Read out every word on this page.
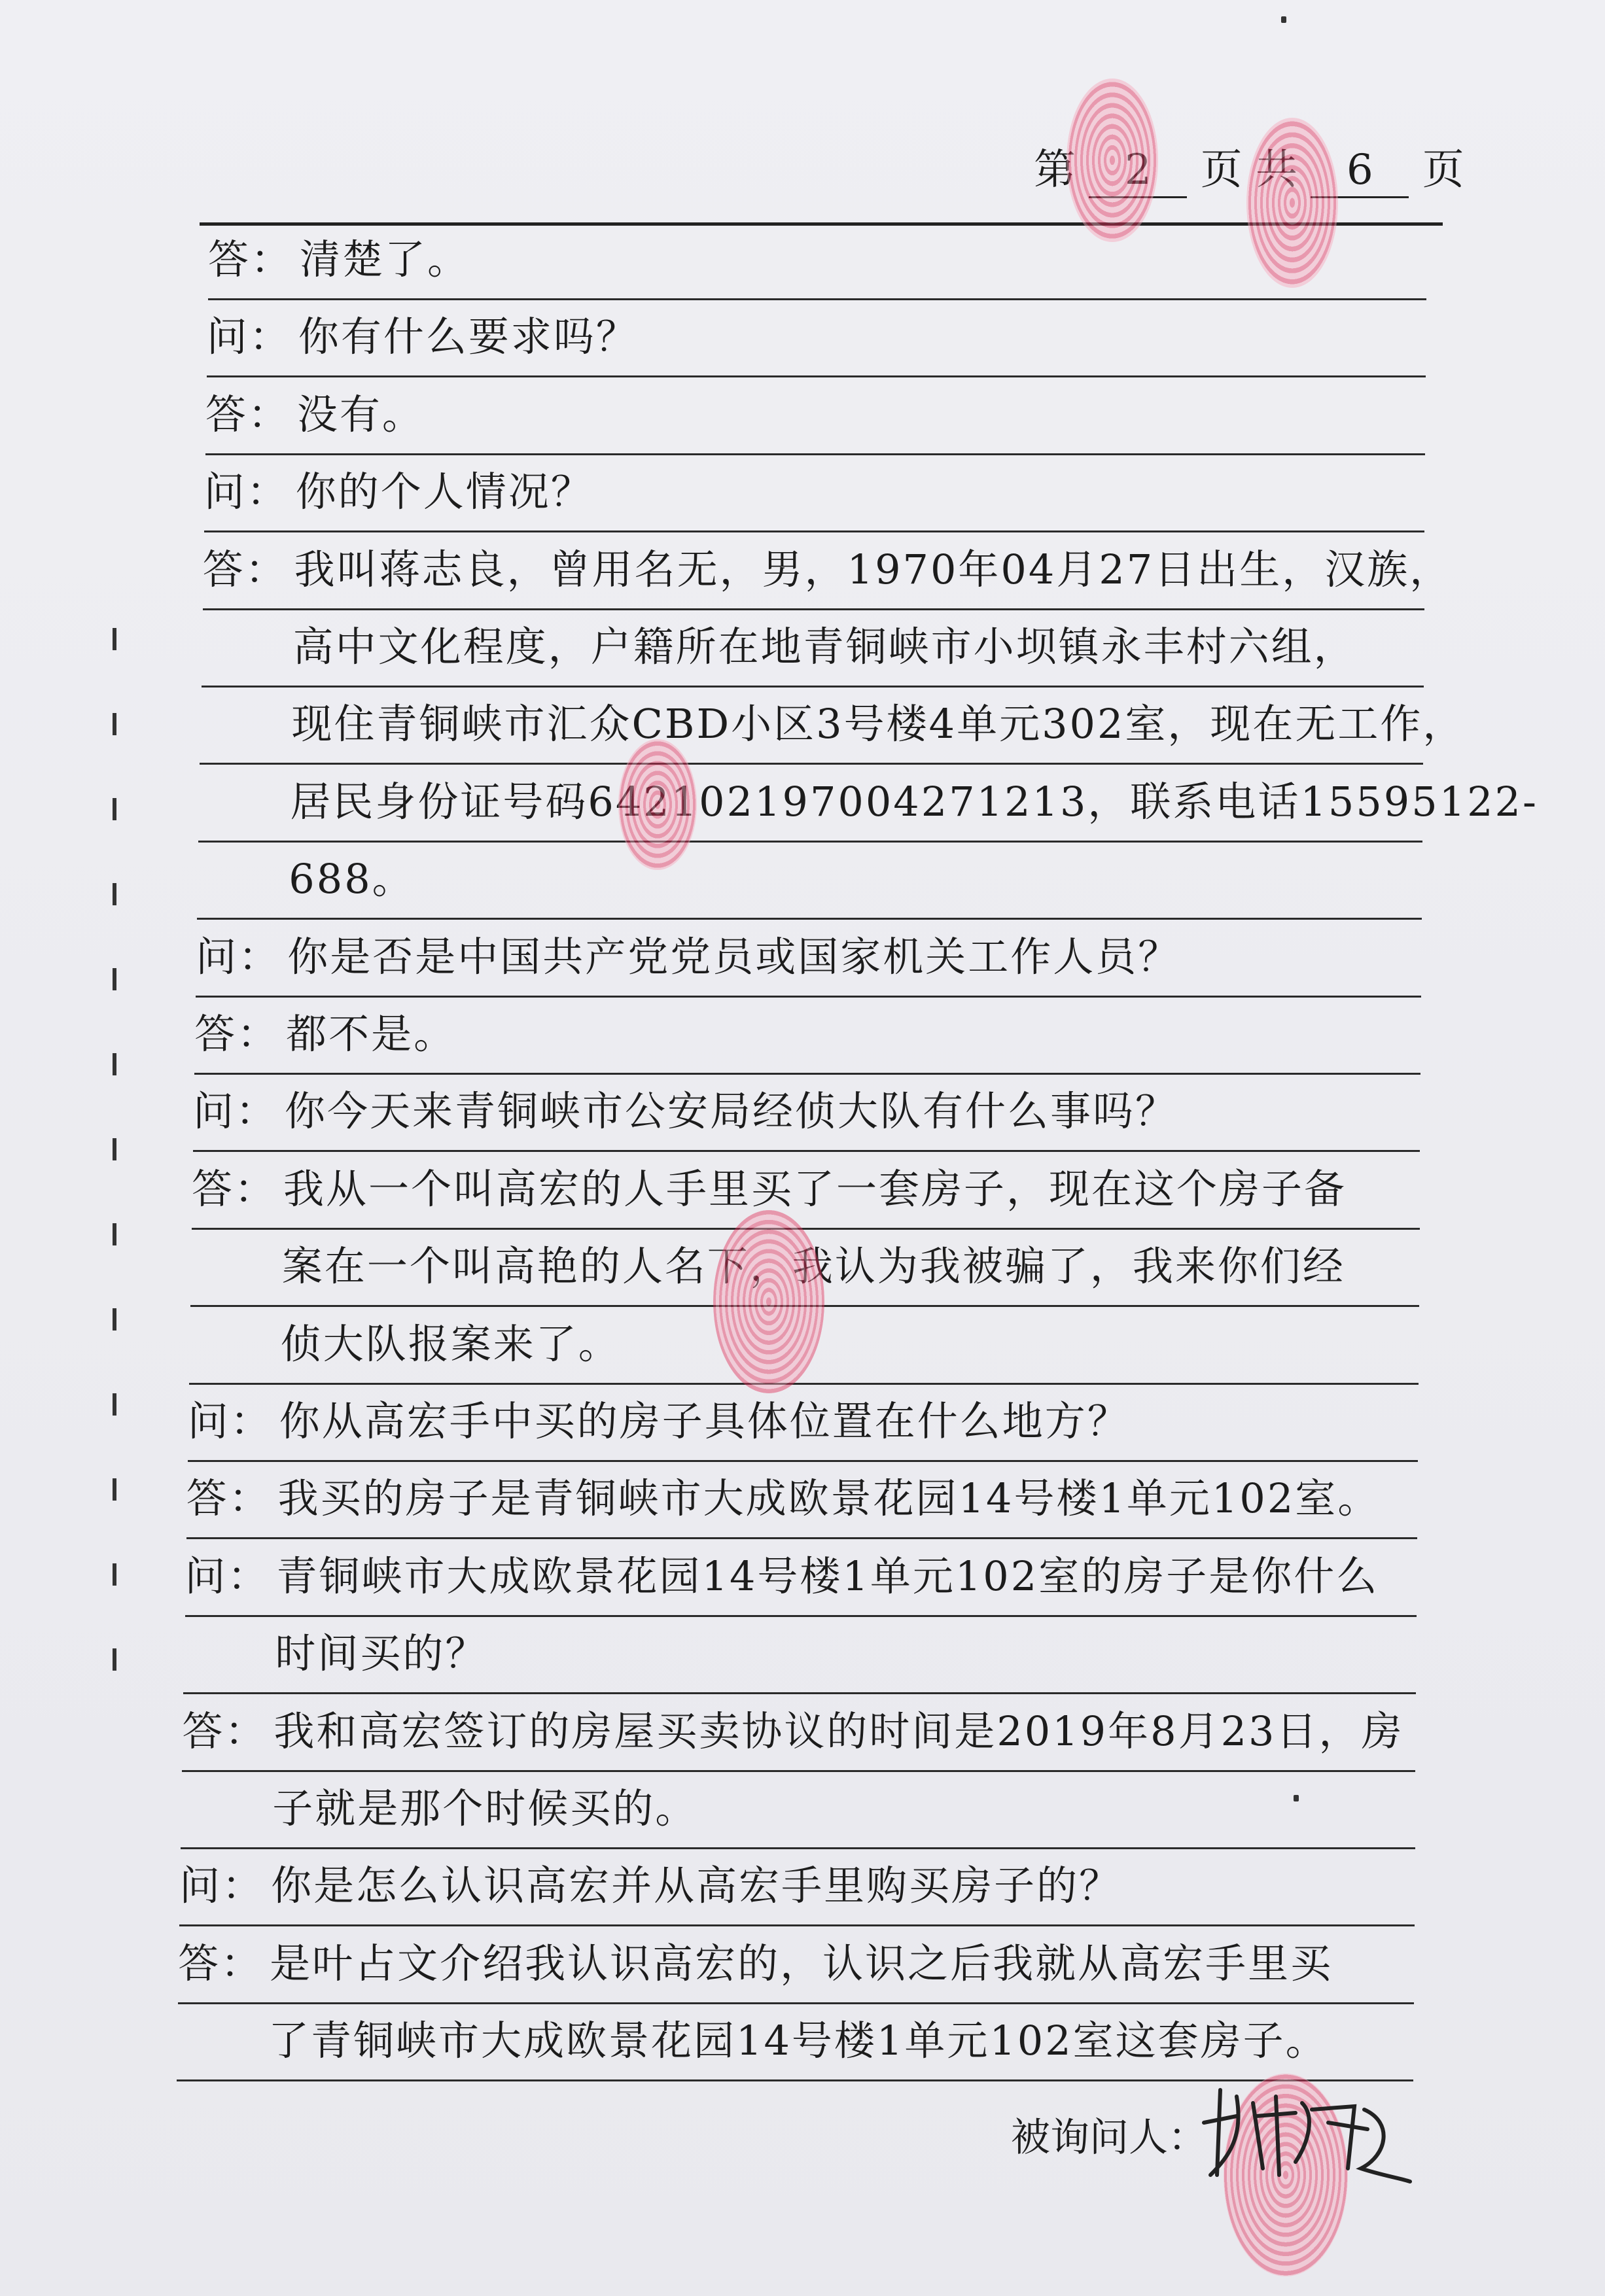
第 2 页 共 6 页
答： 清楚了。
问： 你有什么要求吗？
答： 没有。
问： 你的个人情况？
答： 我叫蒋志良，曾用名无，男，1970年04月27日出生，汉族，
高中文化程度，户籍所在地青铜峡市小坝镇永丰村六组，
现住青铜峡市汇众CBD小区3号楼4单元302室，现在无工作，
居民身份证号码642102197004271213，联系电话15595122-
688。
问： 你是否是中国共产党党员或国家机关工作人员？
答： 都不是。
问： 你今天来青铜峡市公安局经侦大队有什么事吗？
答： 我从一个叫高宏的人手里买了一套房子，现在这个房子备
案在一个叫高艳的人名下，我认为我被骗了，我来你们经
侦大队报案来了。
问： 你从高宏手中买的房子具体位置在什么地方？
答： 我买的房子是青铜峡市大成欧景花园14号楼1单元102室。
问： 青铜峡市大成欧景花园14号楼1单元102室的房子是你什么
时间买的？
答： 我和高宏签订的房屋买卖协议的时间是2019年8月23日，房
子就是那个时候买的。
问： 你是怎么认识高宏并从高宏手里购买房子的？
答： 是叶占文介绍我认识高宏的，认识之后我就从高宏手里买
了青铜峡市大成欧景花园14号楼1单元102室这套房子。
被询问人：
